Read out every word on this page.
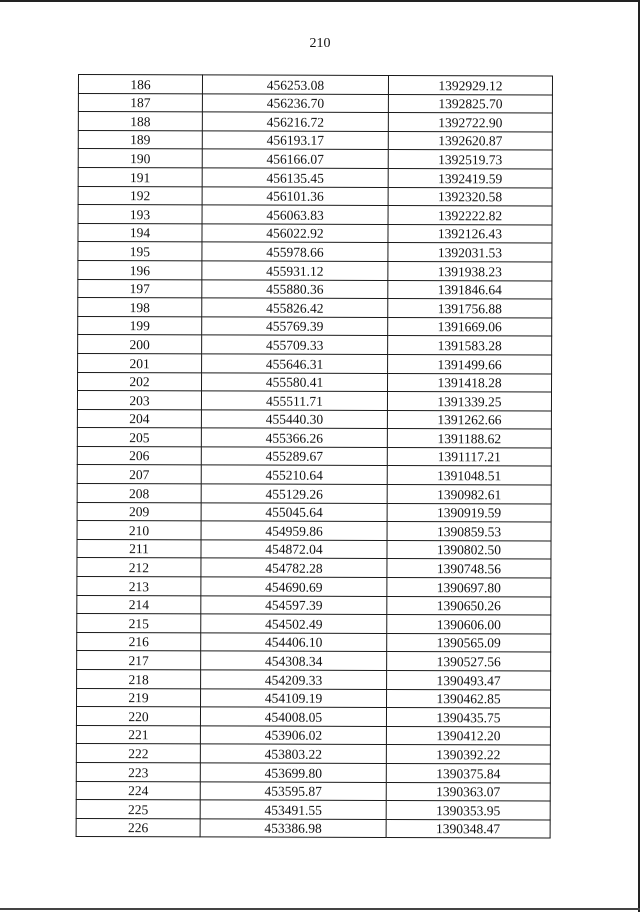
210
186	456253.08	1392929.12
187	456236.70	1392825.70
188	456216.72	1392722.90
189	456193.17	1392620.87
190	456166.07	1392519.73
191	456135.45	1392419.59
192	456101.36	1392320.58
193	456063.83	1392222.82
194	456022.92	1392126.43
195	455978.66	1392031.53
196	455931.12	1391938.23
197	455880.36	1391846.64
198	455826.42	1391756.88
199	455769.39	1391669.06
200	455709.33	1391583.28
201	455646.31	1391499.66
202	455580.41	1391418.28
203	455511.71	1391339.25
204	455440.30	1391262.66
205	455366.26	1391188.62
206	455289.67	1391117.21
207	455210.64	1391048.51
208	455129.26	1390982.61
209	455045.64	1390919.59
210	454959.86	1390859.53
211	454872.04	1390802.50
212	454782.28	1390748.56
213	454690.69	1390697.80
214	454597.39	1390650.26
215	454502.49	1390606.00
216	454406.10	1390565.09
217	454308.34	1390527.56
218	454209.33	1390493.47
219	454109.19	1390462.85
220	454008.05	1390435.75
221	453906.02	1390412.20
222	453803.22	1390392.22
223	453699.80	1390375.84
224	453595.87	1390363.07
225	453491.55	1390353.95
226	453386.98	1390348.47
